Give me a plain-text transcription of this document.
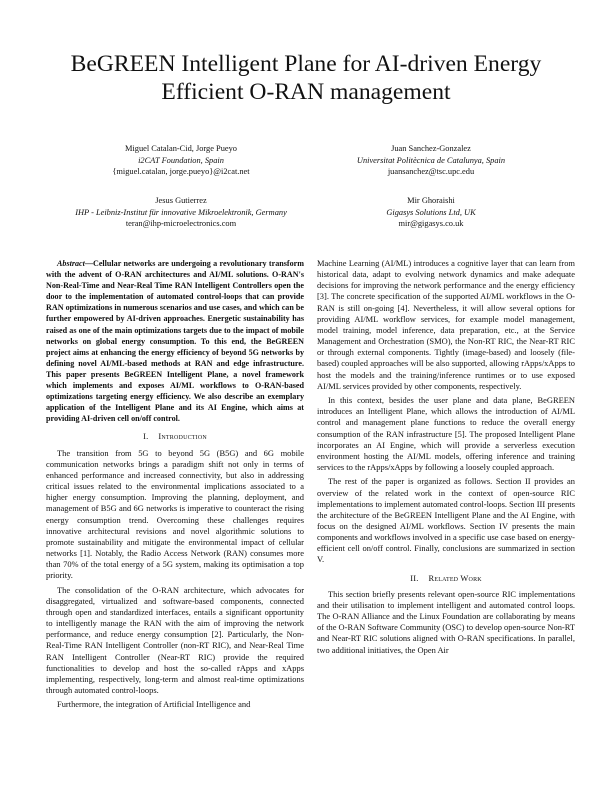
BeGREEN Intelligent Plane for AI-driven Energy
Efficient O-RAN management
Miguel Catalan-Cid, Jorge Pueyo
i2CAT Foundation, Spain
{miguel.catalan, jorge.pueyo}@i2cat.net
Juan Sanchez-Gonzalez
Universitat Politècnica de Catalunya, Spain
juansanchez@tsc.upc.edu
Jesus Gutierrez
IHP - Leibniz-Institut für innovative Mikroelektronik, Germany
teran@ihp-microelectronics.com
Mir Ghoraishi
Gigasys Solutions Ltd, UK
mir@gigasys.co.uk

Abstract—Cellular networks are undergoing a revolutionary transform with the advent of O-RAN architectures and AI/ML solutions. O-RAN's Non-Real-Time and Near-Real Time RAN Intelligent Controllers open the door to the implementation of automated control-loops that can provide RAN optimizations in numerous scenarios and use cases, and which can be further empowered by AI-driven approaches. Energetic sustainability has raised as one of the main optimizations targets due to the impact of mobile networks on global energy consumption. To this end, the BeGREEN project aims at enhancing the energy efficiency of beyond 5G networks by defining novel AI/ML-based methods at RAN and edge infrastructure. This paper presents BeGREEN Intelligent Plane, a novel framework which implements and exposes AI/ML workflows to O-RAN-based optimizations targeting energy efficiency. We also describe an exemplary application of the Intelligent Plane and its AI Engine, which aims at providing AI-driven cell on/off control.

I. Introduction

The transition from 5G to beyond 5G (B5G) and 6G mobile communication networks brings a paradigm shift not only in terms of enhanced performance and increased connectivity, but also in addressing critical issues related to the environmental implications associated to a higher energy consumption. Improving the planning, deployment, and management of B5G and 6G networks is imperative to counteract the rising energy consumption trend. Overcoming these challenges requires innovative architectural revisions and novel algorithmic solutions to promote sustainability and mitigate the environmental impact of cellular networks [1]. Notably, the Radio Access Network (RAN) consumes more than 70% of the total energy of a 5G system, making its optimisation a top priority.

The consolidation of the O-RAN architecture, which advocates for disaggregated, virtualized and software-based components, connected through open and standardized interfaces, entails a significant opportunity to intelligently manage the RAN with the aim of improving the network performance, and reduce energy consumption [2]. Particularly, the Non-Real-Time RAN Intelligent Controller (non-RT RIC), and Near-Real Time RAN Intelligent Controller (Near-RT RIC) provide the required functionalities to develop and host the so-called rApps and xApps implementing, respectively, long-term and almost real-time optimizations through automated control-loops.

Furthermore, the integration of Artificial Intelligence and

Machine Learning (AI/ML) introduces a cognitive layer that can learn from historical data, adapt to evolving network dynamics and make adequate decisions for improving the network performance and the energy efficiency [3]. The concrete specification of the supported AI/ML workflows in the O-RAN is still on-going [4]. Nevertheless, it will allow several options for providing AI/ML workflow services, for example model management, model training, model inference, data preparation, etc., at the Service Management and Orchestration (SMO), the Non-RT RIC, the Near-RT RIC or through external components. Tightly (image-based) and loosely (file-based) coupled approaches will be also supported, allowing rApps/xApps to host the models and the training/inference runtimes or to use exposed AI/ML services provided by other components, respectively.

In this context, besides the user plane and data plane, BeGREEN introduces an Intelligent Plane, which allows the introduction of AI/ML control and management plane functions to reduce the overall energy consumption of the RAN infrastructure [5]. The proposed Intelligent Plane incorporates an AI Engine, which will provide a serverless execution environment hosting the AI/ML models, offering inference and training services to the rApps/xApps by following a loosely coupled approach.

The rest of the paper is organized as follows. Section II provides an overview of the related work in the context of open-source RIC implementations to implement automated control-loops. Section III presents the architecture of the BeGREEN Intelligent Plane and the AI Engine, with focus on the designed AI/ML workflows. Section IV presents the main components and workflows involved in a specific use case based on energy-efficient cell on/off control. Finally, conclusions are summarized in section V.

II. Related Work

This section briefly presents relevant open-source RIC implementations and their utilisation to implement intelligent and automated control loops. The O-RAN Alliance and the Linux Foundation are collaborating by means of the O-RAN Software Community (OSC) to develop open-source Non-RT and Near-RT RIC solutions aligned with O-RAN specifications. In parallel, two additional initiatives, the Open Air
